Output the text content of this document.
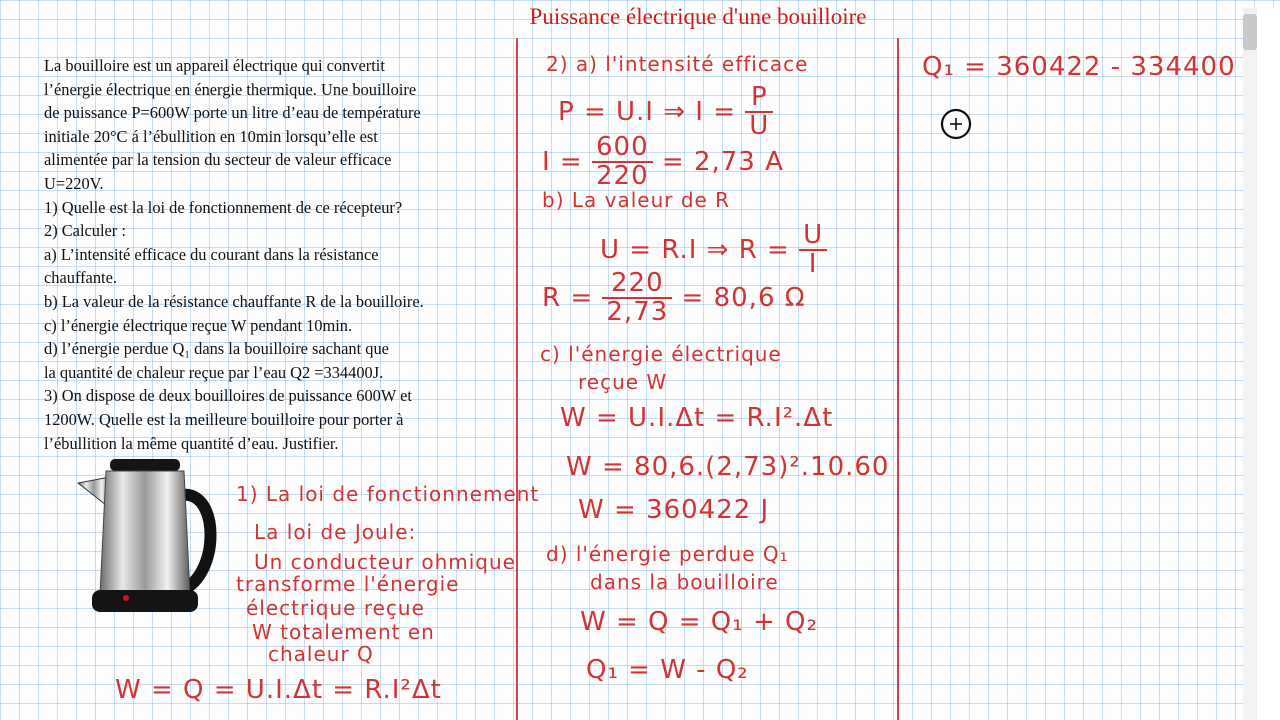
Puissance électrique d'une bouilloire

La bouilloire est un appareil électrique qui convertit

l’énergie électrique en énergie thermique. Une bouilloire

de puissance P=600W porte un litre d’eau de température

initiale 20°C á l’ébullition en 10min lorsqu’elle est

alimentée par la tension du secteur de valeur efficace

U=220V.

1) Quelle est la loi de fonctionnement de ce récepteur?

2) Calculer :

a) L’intensité efficace du courant dans la résistance

chauffante.

b) La valeur de la résistance chauffante R de la bouilloire.

c) l’énergie électrique reçue W pendant 10min.

d) l’énergie perdue Q₁ dans la bouilloire sachant que

la quantité de chaleur reçue par l’eau Q2 =334400J.

3) On dispose de deux bouilloires de puissance 600W et

1200W. Quelle est la meilleure bouilloire pour porter à

l’ébullition la même quantité d’eau. Justifier.

1) La loi de fonctionnement
La loi de Joule:
Un conducteur ohmique
transforme l'énergie
électrique reçue
W totalement en
chaleur Q
W = Q = U.I.Δt = R.I²Δt
2) a) l'intensité efficace
P = U.I ⇒ $I = \frac{P}{U}$
$I = \frac{600}{220} = 2,73$ A
b) La valeur de R
U = R.I ⇒ $R = \frac{U}{I}$
$R = \frac{220}{2,73} = 80,6$ Ω
c) l'énergie électrique
reçue W
W = U.I.Δt = R.I².Δt
W = 80,6.(2,73)².10.60
W = 360422 J
d) l'énergie perdue Q₁
dans la bouilloire
W = Q = Q₁ + Q₂
Q₁ = W - Q₂
Q₁ = 360422 - 334400
